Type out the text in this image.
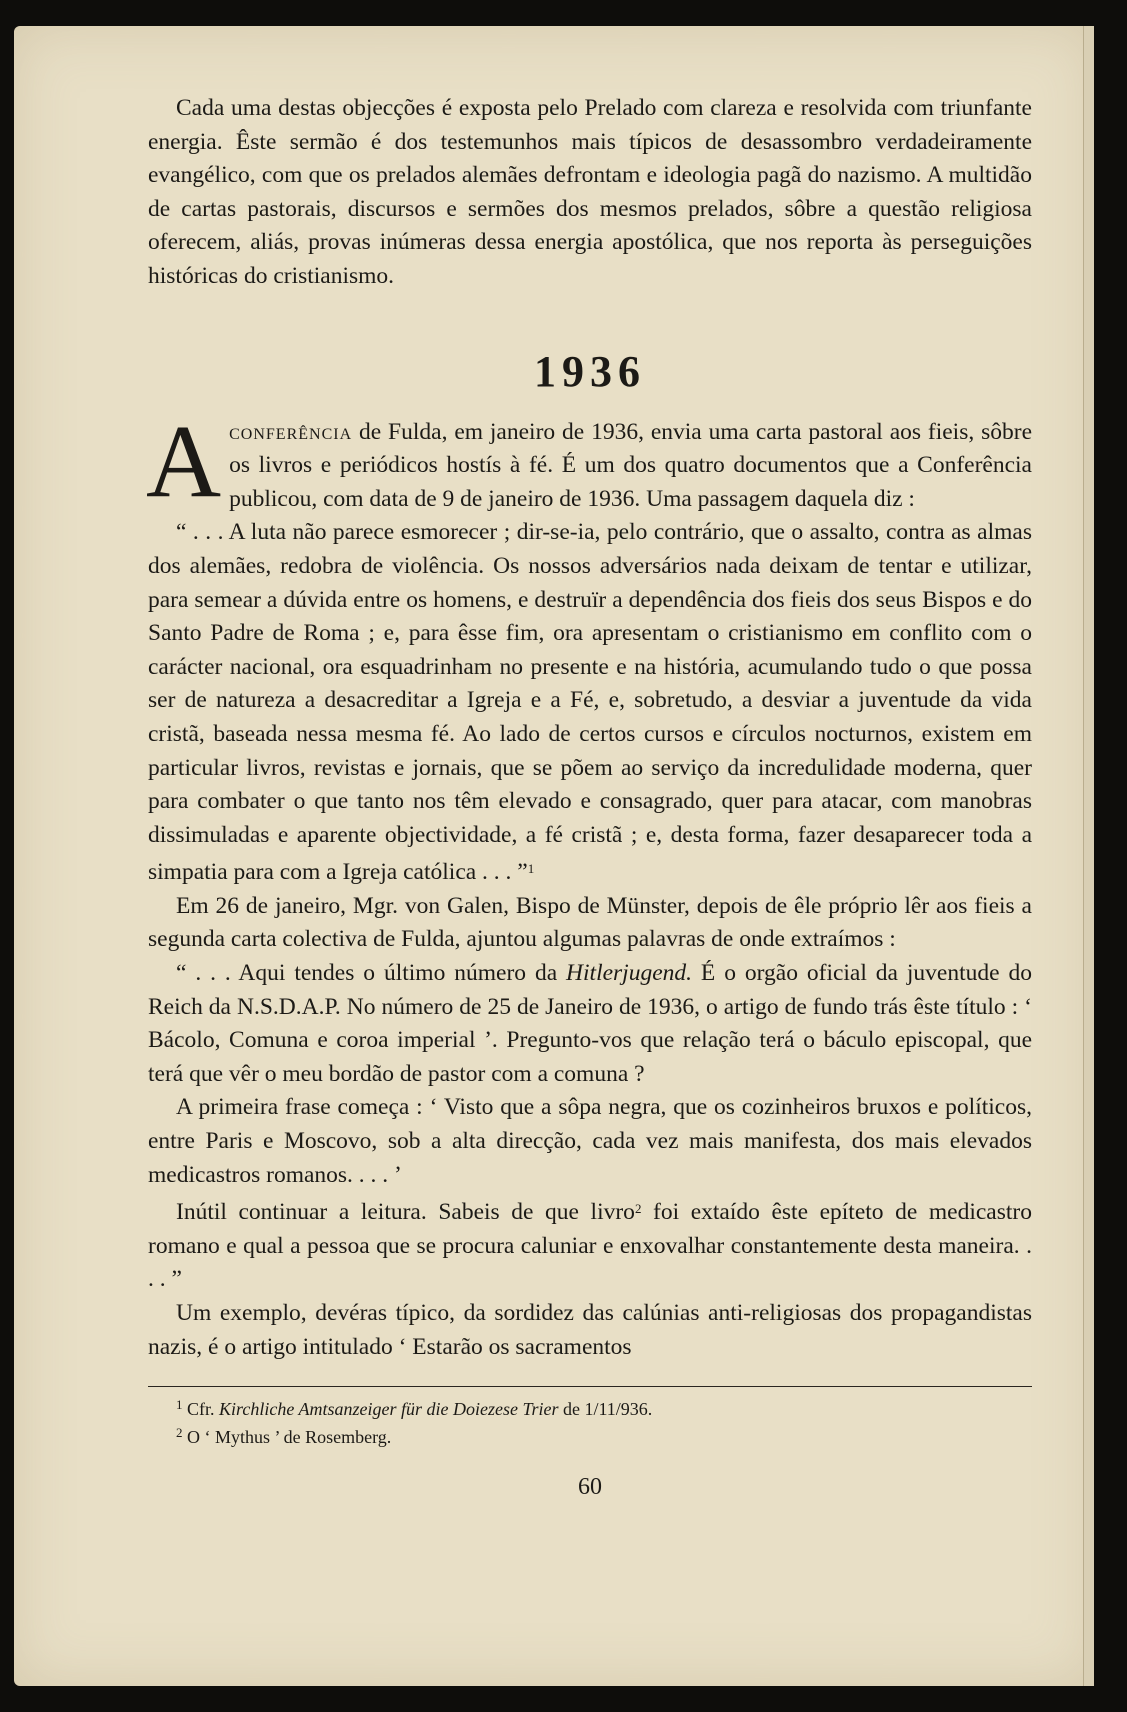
Cada uma destas objecções é exposta pelo Prelado com clareza e resolvida com triunfante energia. Êste sermão é dos testemunhos mais típicos de desassombro verdadeiramente evangélico, com que os prelados alemães defrontam e ideologia pagã do nazismo. A multidão de cartas pastorais, discursos e sermões dos mesmos prelados, sôbre a questão religiosa oferecem, aliás, provas inúmeras dessa energia apostólica, que nos reporta às perseguições históricas do cristianismo.

1936

Aconferência de Fulda, em janeiro de 1936, envia uma carta pastoral aos fieis, sôbre os livros e periódicos hostís à fé. É um dos quatro documentos que a Conferência publicou, com data de 9 de janeiro de 1936. Uma passagem daquela diz :

“ . . . A luta não parece esmorecer ; dir-se-ia, pelo contrário, que o assalto, contra as almas dos alemães, redobra de violência. Os nossos adversários nada deixam de tentar e utilizar, para semear a dúvida entre os homens, e destruïr a dependência dos fieis dos seus Bispos e do Santo Padre de Roma ; e, para êsse fim, ora apresentam o cristianismo em conflito com o carácter nacional, ora esquadrinham no presente e na história, acumulando tudo o que possa ser de natureza a desacreditar a Igreja e a Fé, e, sobretudo, a desviar a juventude da vida cristã, baseada nessa mesma fé. Ao lado de certos cursos e círculos nocturnos, existem em particular livros, revistas e jornais, que se põem ao serviço da incredulidade moderna, quer para combater o que tanto nos têm elevado e consagrado, quer para atacar, com manobras dissimuladas e aparente objectividade, a fé cristã ; e, desta forma, fazer desaparecer toda a simpatia para com a Igreja católica . . . ”$^1$

Em 26 de janeiro, Mgr. von Galen, Bispo de Münster, depois de êle próprio lêr aos fieis a segunda carta colectiva de Fulda, ajuntou algumas palavras de onde extraímos :

“ . . . Aqui tendes o último número da Hitlerjugend. É o orgão oficial da juventude do Reich da N.S.D.A.P. No número de 25 de Janeiro de 1936, o artigo de fundo trás êste título : ‘ Bácolo, Comuna e coroa imperial ’. Pregunto-vos que relação terá o báculo episcopal, que terá que vêr o meu bordão de pastor com a comuna ?

A primeira frase começa : ‘ Visto que a sôpa negra, que os cozinheiros bruxos e políticos, entre Paris e Moscovo, sob a alta direcção, cada vez mais manifesta, dos mais elevados medicastros romanos. . . . ’

Inútil continuar a leitura. Sabeis de que livro$^2$ foi extaído êste epíteto de medicastro romano e qual a pessoa que se procura caluniar e enxovalhar constantemente desta maneira. . . . ”

Um exemplo, devéras típico, da sordidez das calúnias anti-religiosas dos propagandistas nazis, é o artigo intitulado ‘ Estarão os sacramentos

$^1$ Cfr. Kirchliche Amtsanzeiger für die Doiezese Trier de 1/11/936.
$^2$ O ‘ Mythus ’ de Rosemberg.
60
